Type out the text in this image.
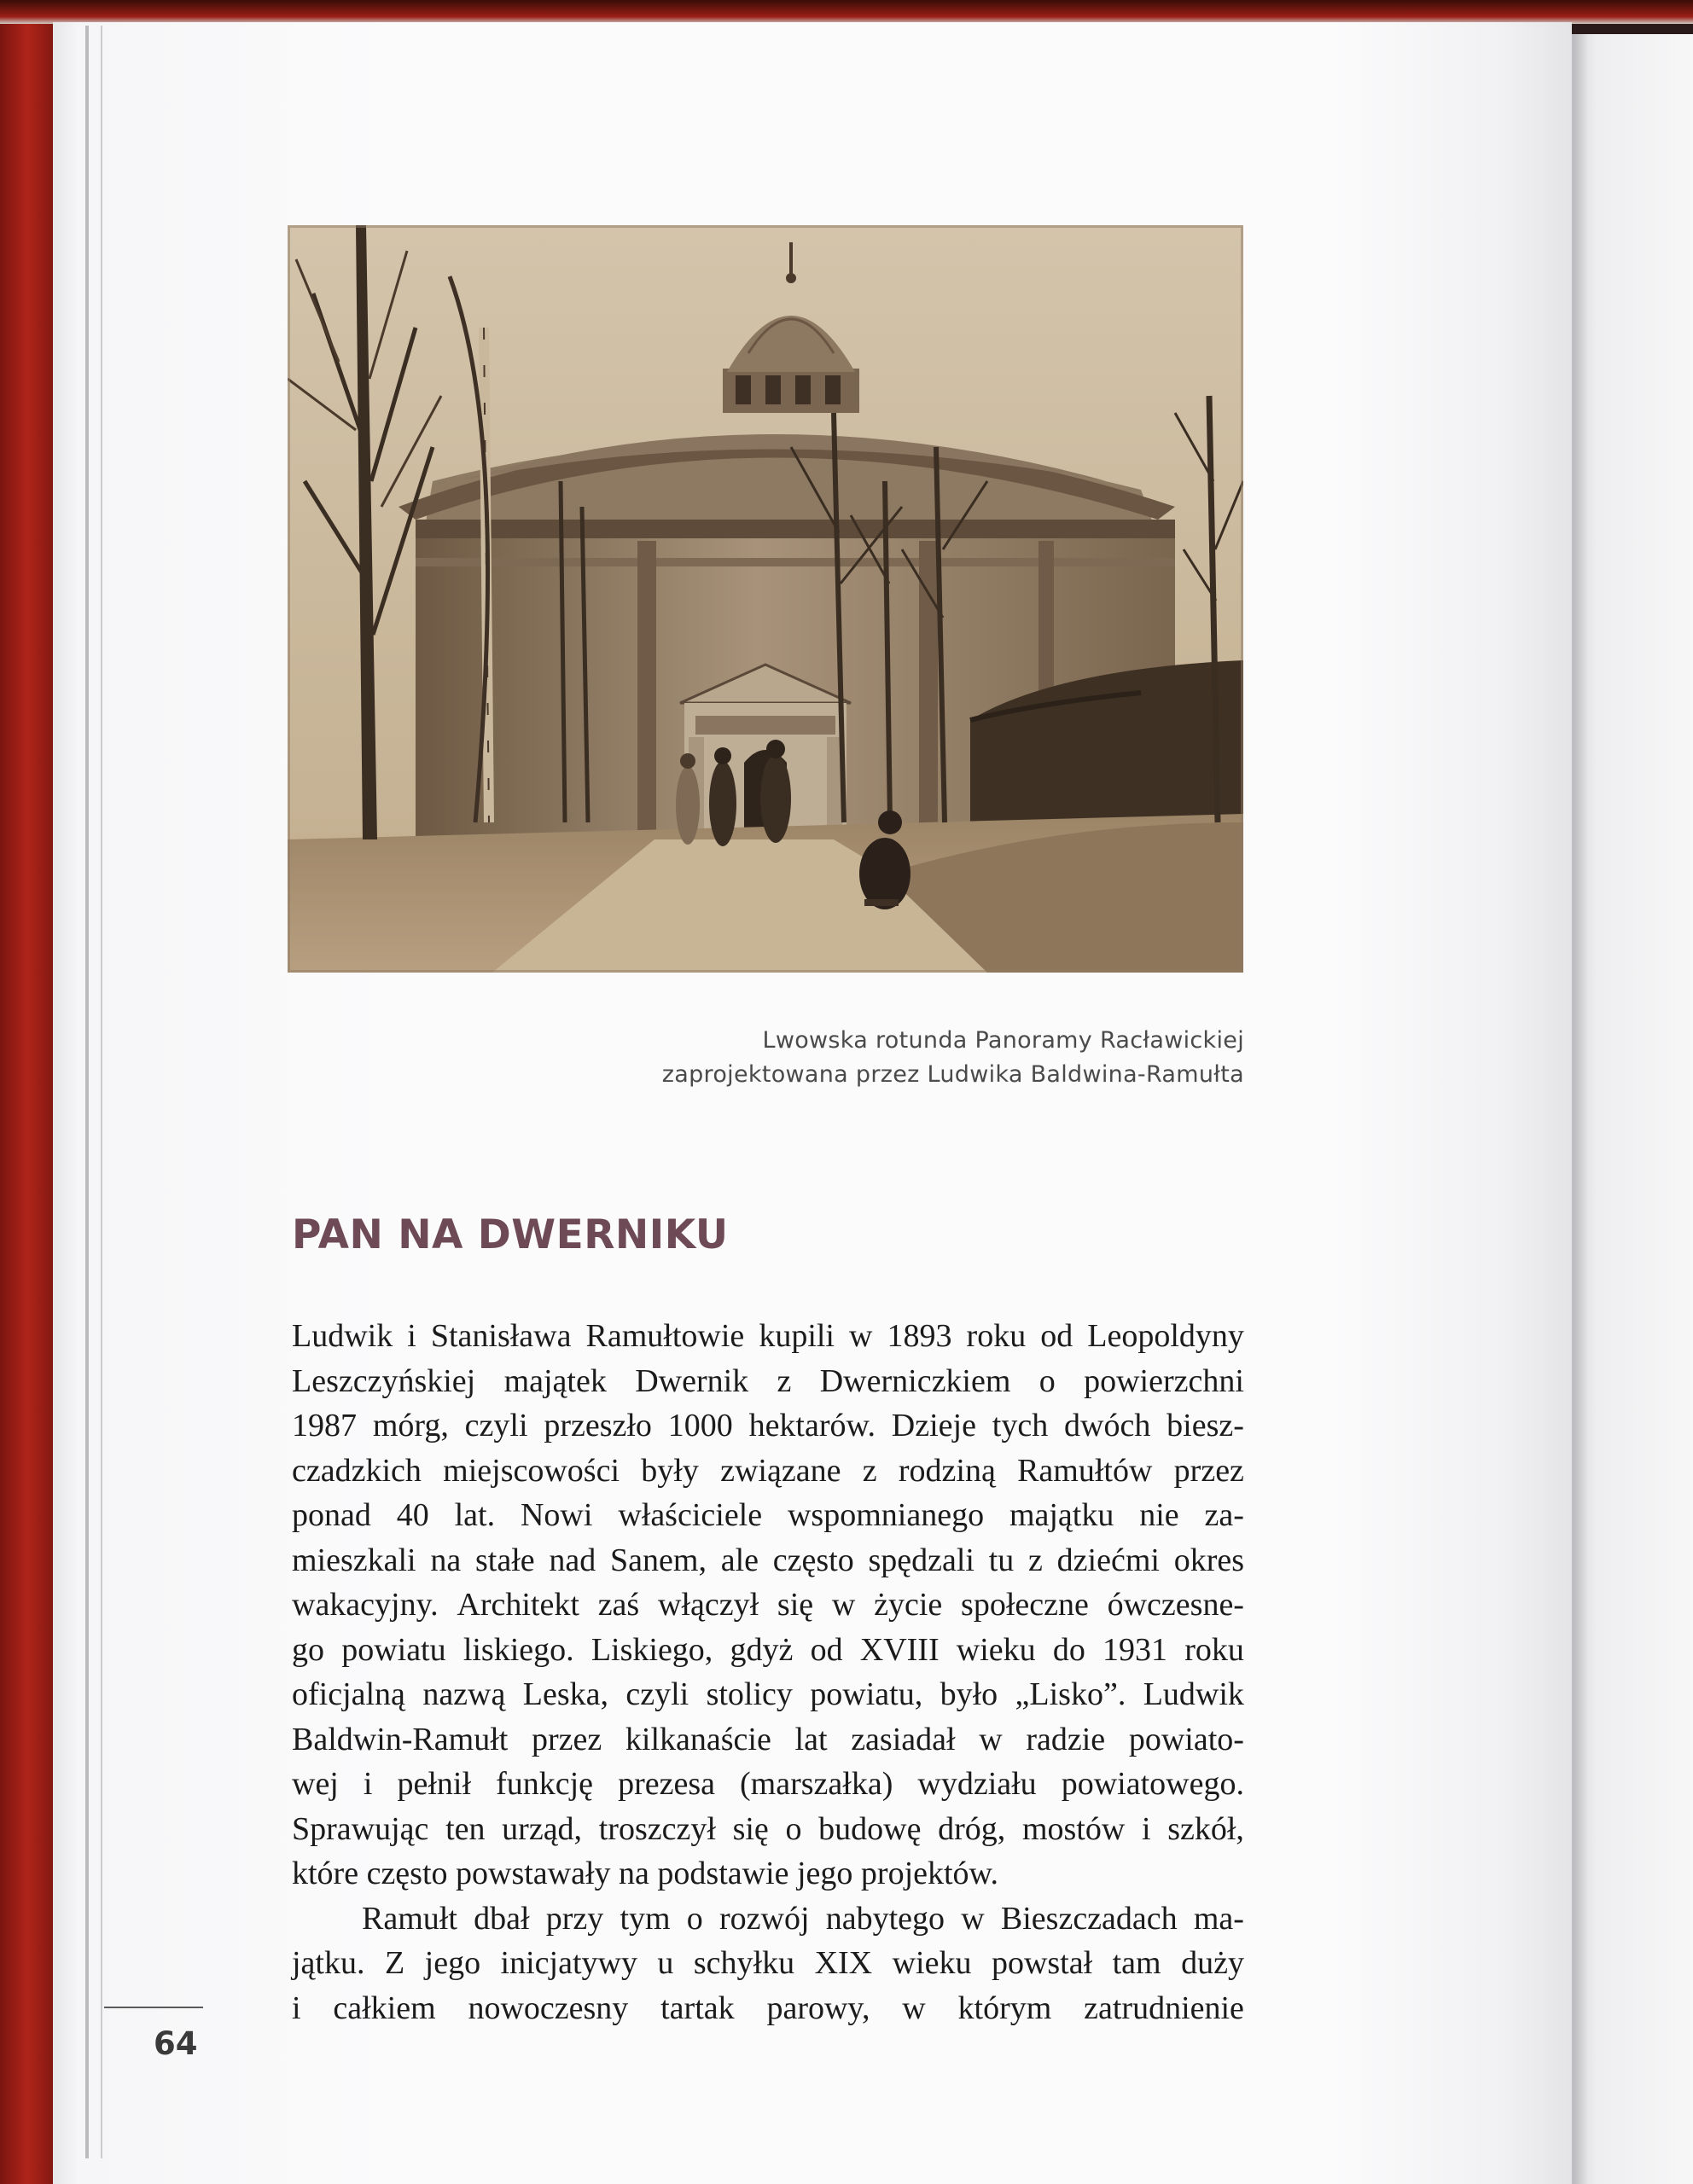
Lwowska rotunda Panoramy Racławickiej
zaprojektowana przez Ludwika Baldwina-Ramułta
PAN NA DWERNIKU
Ludwik i Stanisława Ramułtowie kupili w 1893 roku od Leopoldyny
Leszczyńskiej majątek Dwernik z Dwerniczkiem o powierzchni
1987 mórg, czyli przeszło 1000 hektarów. Dzieje tych dwóch biesz-
czadzkich miejscowości były związane z rodziną Ramułtów przez
ponad 40 lat. Nowi właściciele wspomnianego majątku nie za-
mieszkali na stałe nad Sanem, ale często spędzali tu z dziećmi okres
wakacyjny. Architekt zaś włączył się w życie społeczne ówczesne-
go powiatu liskiego. Liskiego, gdyż od XVIII wieku do 1931 roku
oficjalną nazwą Leska, czyli stolicy powiatu, było „Lisko”. Ludwik
Baldwin-Ramułt przez kilkanaście lat zasiadał w radzie powiato-
wej i pełnił funkcję prezesa (marszałka) wydziału powiatowego.
Sprawując ten urząd, troszczył się o budowę dróg, mostów i szkół,
które często powstawały na podstawie jego projektów.
Ramułt dbał przy tym o rozwój nabytego w Bieszczadach ma-
jątku. Z jego inicjatywy u schyłku XIX wieku powstał tam duży
i całkiem nowoczesny tartak parowy, w którym zatrudnienie
64
